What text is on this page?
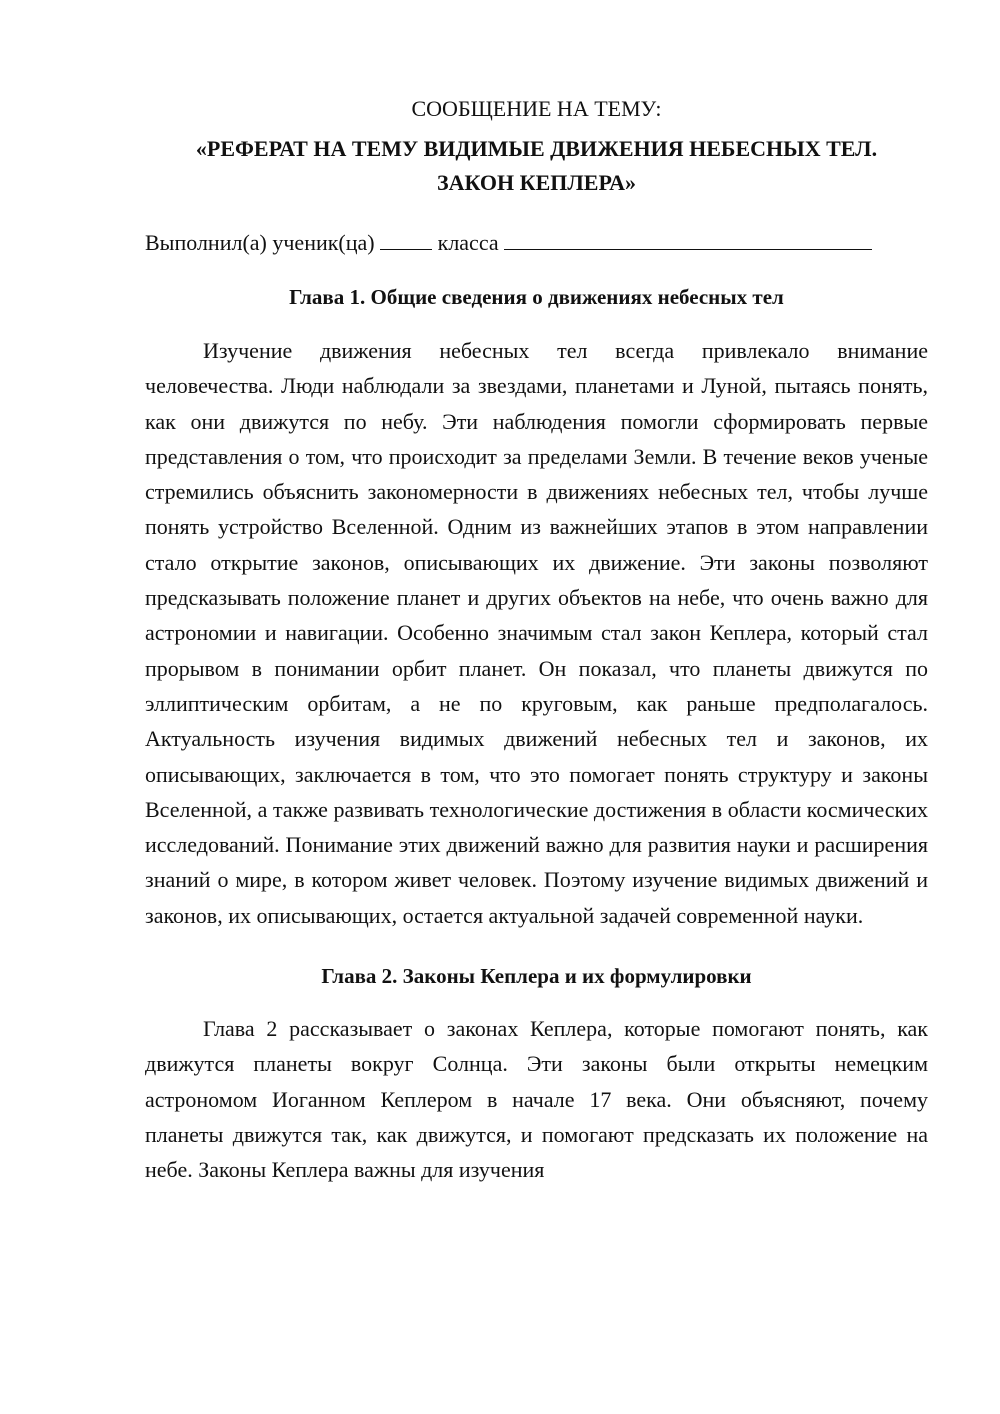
СООБЩЕНИЕ НА ТЕМУ:

«РЕФЕРАТ НА ТЕМУ ВИДИМЫЕ ДВИЖЕНИЯ НЕБЕСНЫХ ТЕЛ.
ЗАКОН КЕПЛЕРА»

Выполнил(а) ученик(ца)	класса

Глава 1. Общие сведения о движениях небесных тел

Изучение движения небесных тел всегда привлекало внимание человечества. Люди наблюдали за звездами, планетами и Луной, пытаясь понять, как они движутся по небу. Эти наблюдения помогли сформировать первые представления о том, что происходит за пределами Земли. В течение веков ученые стремились объяснить закономерности в движениях небесных тел, чтобы лучше понять устройство Вселенной. Одним из важнейших этапов в этом направлении стало открытие законов, описывающих их движение. Эти законы позволяют предсказывать положение планет и других объектов на небе, что очень важно для астрономии и навигации. Особенно значимым стал закон Кеплера, который стал прорывом в понимании орбит планет. Он показал, что планеты движутся по эллиптическим орбитам, а не по круговым, как раньше предполагалось. Актуальность изучения видимых движений небесных тел и законов, их описывающих, заключается в том, что это помогает понять структуру и законы Вселенной, а также развивать технологические достижения в области космических исследований. Понимание этих движений важно для развития науки и расширения знаний о мире, в котором живет человек. Поэтому изучение видимых движений и законов, их описывающих, остается актуальной задачей современной науки.

Глава 2. Законы Кеплера и их формулировки

Глава 2 рассказывает о законах Кеплера, которые помогают понять, как движутся планеты вокруг Солнца. Эти законы были открыты немецким астрономом Иоганном Кеплером в начале 17 века. Они объясняют, почему планеты движутся так, как движутся, и помогают предсказать их положение на небе. Законы Кеплера важны для изучения
